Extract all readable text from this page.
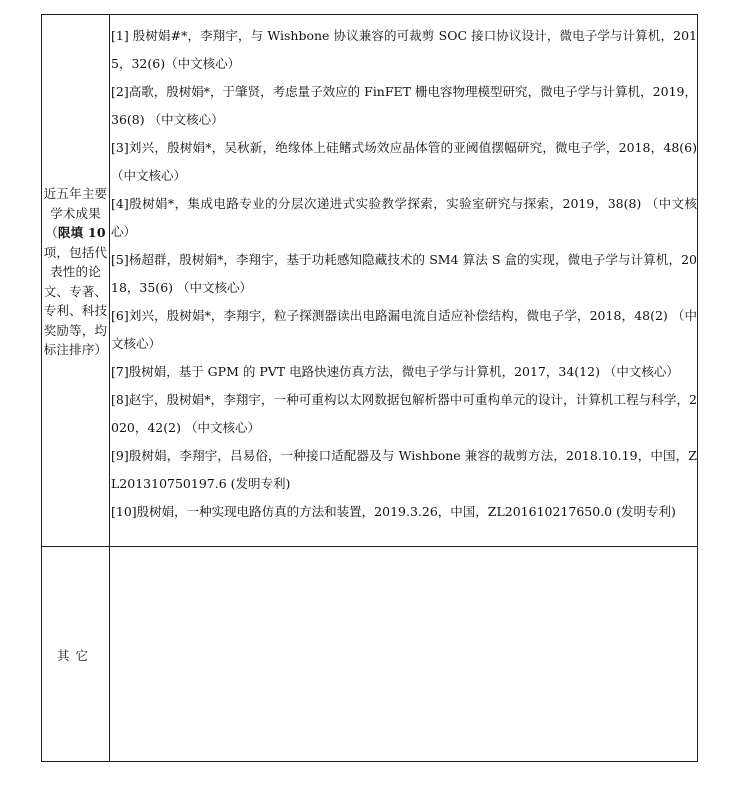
近五年主要学术成果（限填 10项，包括代表性的论文、专著、专利、科技奖励等，均标注排序）

[1] 殷树娟#*，李翔宇，与 Wishbone 协议兼容的可裁剪 SOC 接口协议设计，微电子学与计算机，2015，32(6)（中文核心）

[2]高歌，殷树娟*，于肇贤，考虑量子效应的 FinFET 栅电容物理模型研究，微电子学与计算机，2019，36(8) （中文核心）

[3]刘兴，殷树娟*，吴秋新，绝缘体上硅鳍式场效应晶体管的亚阈值摆幅研究，微电子学，2018，48(6)（中文核心）

[4]殷树娟*，集成电路专业的分层次递进式实验教学探索，实验室研究与探索，2019，38(8) （中文核心）

[5]杨超群，殷树娟*，李翔宇，基于功耗感知隐藏技术的 SM4 算法 S 盒的实现，微电子学与计算机，2018，35(6) （中文核心）

[6]刘兴，殷树娟*，李翔宇，粒子探测器读出电路漏电流自适应补偿结构，微电子学，2018，48(2) （中文核心）

[7]殷树娟，基于 GPM 的 PVT 电路快速仿真方法，微电子学与计算机，2017，34(12) （中文核心）

[8]赵宇，殷树娟*，李翔宇，一种可重构以太网数据包解析器中可重构单元的设计，计算机工程与科学，2020，42(2) （中文核心）

[9]殷树娟，李翔宇，吕易俗，一种接口适配器及与 Wishbone 兼容的裁剪方法，2018.10.19，中国，ZL201310750197.6 (发明专利)

[10]殷树娟，一种实现电路仿真的方法和装置，2019.3.26，中国，ZL201610217650.0 (发明专利)

其它
